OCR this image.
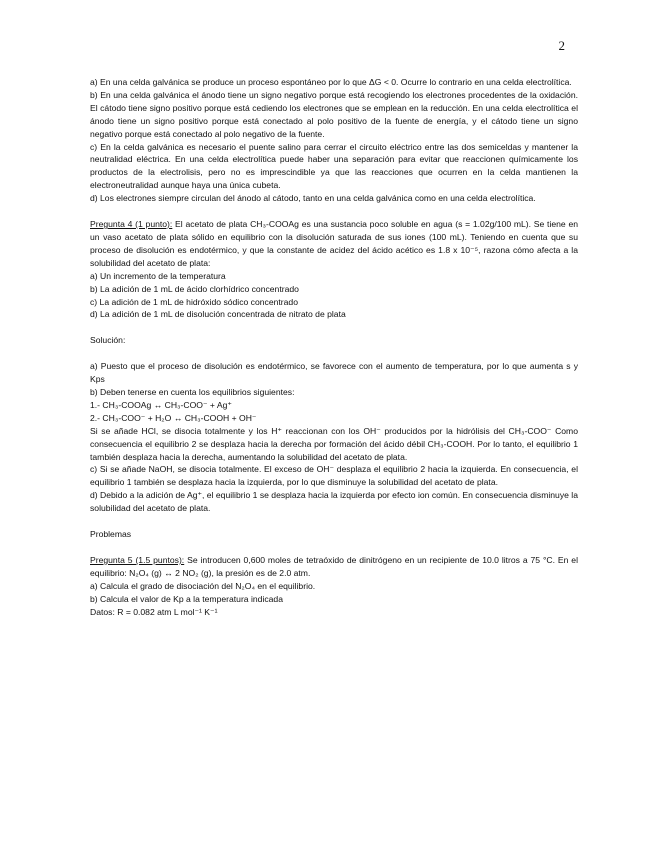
2

a) En una celda galvánica se produce un proceso espontáneo por lo que ΔG < 0. Ocurre lo contrario en una celda electrolítica.

b) En una celda galvánica el ánodo tiene un signo negativo porque está recogiendo los electrones procedentes de la oxidación. El cátodo tiene signo positivo porque está cediendo los electrones que se emplean en la reducción. En una celda electrolítica el ánodo tiene un signo positivo porque está conectado al polo positivo de la fuente de energía, y el cátodo tiene un signo negativo porque está conectado al polo negativo de la fuente.

c) En la celda galvánica es necesario el puente salino para cerrar el circuito eléctrico entre las dos semiceldas y mantener la neutralidad eléctrica. En una celda electrolítica puede haber una separación para evitar que reaccionen químicamente los productos de la electrolisis, pero no es imprescindible ya que las reacciones que ocurren en la celda mantienen la electroneutralidad aunque haya una única cubeta.

d) Los electrones siempre circulan del ánodo al cátodo, tanto en una celda galvánica como en una celda electrolítica.

Pregunta 4 (1 punto): El acetato de plata CH₃-COOAg es una sustancia poco soluble en agua (s = 1.02g/100 mL). Se tiene en un vaso acetato de plata sólido en equilibrio con la disolución saturada de sus iones (100 mL). Teniendo en cuenta que su proceso de disolución es endotérmico, y que la constante de acidez del ácido acético es 1.8 x 10⁻⁵, razona cómo afecta a la solubilidad del acetato de plata:

a) Un incremento de la temperatura

b) La adición de 1 mL de ácido clorhídrico concentrado

c) La adición de 1 mL de hidróxido sódico concentrado

d) La adición de 1 mL de disolución concentrada de nitrato de plata

Solución:

a) Puesto que el proceso de disolución es endotérmico, se favorece con el aumento de temperatura, por lo que aumenta s y Kps

b) Deben tenerse en cuenta los equilibrios siguientes:

1.- CH₃-COOAg ↔ CH₃-COO⁻ + Ag⁺

2.- CH₃-COO⁻ + H₂O ↔ CH₃-COOH + OH⁻

Si se añade HCl, se disocia totalmente y los H⁺ reaccionan con los OH⁻ producidos por la hidrólisis del CH₃-COO⁻ Como consecuencia el equilibrio 2 se desplaza hacia la derecha por formación del ácido débil CH₃-COOH. Por lo tanto, el equilibrio 1 también desplaza hacia la derecha, aumentando la solubilidad del acetato de plata.

c) Si se añade NaOH, se disocia totalmente. El exceso de OH⁻ desplaza el equilibrio 2 hacia la izquierda. En consecuencia, el equilibrio 1 también se desplaza hacia la izquierda, por lo que disminuye la solubilidad del acetato de plata.

d) Debido a la adición de Ag⁺, el equilibrio 1 se desplaza hacia la izquierda por efecto ion común. En consecuencia disminuye la solubilidad del acetato de plata.

Problemas

Pregunta 5 (1.5 puntos): Se introducen 0,600 moles de tetraóxido de dinitrógeno en un recipiente de 10.0 litros a 75 °C. En el equilibrio: N₂O₄ (g) ↔ 2 NO₂ (g), la presión es de 2.0 atm.

a) Calcula el grado de disociación del N₂O₄ en el equilibrio.

b) Calcula el valor de Kp a la temperatura indicada

Datos: R = 0.082 atm L mol⁻¹ K⁻¹
